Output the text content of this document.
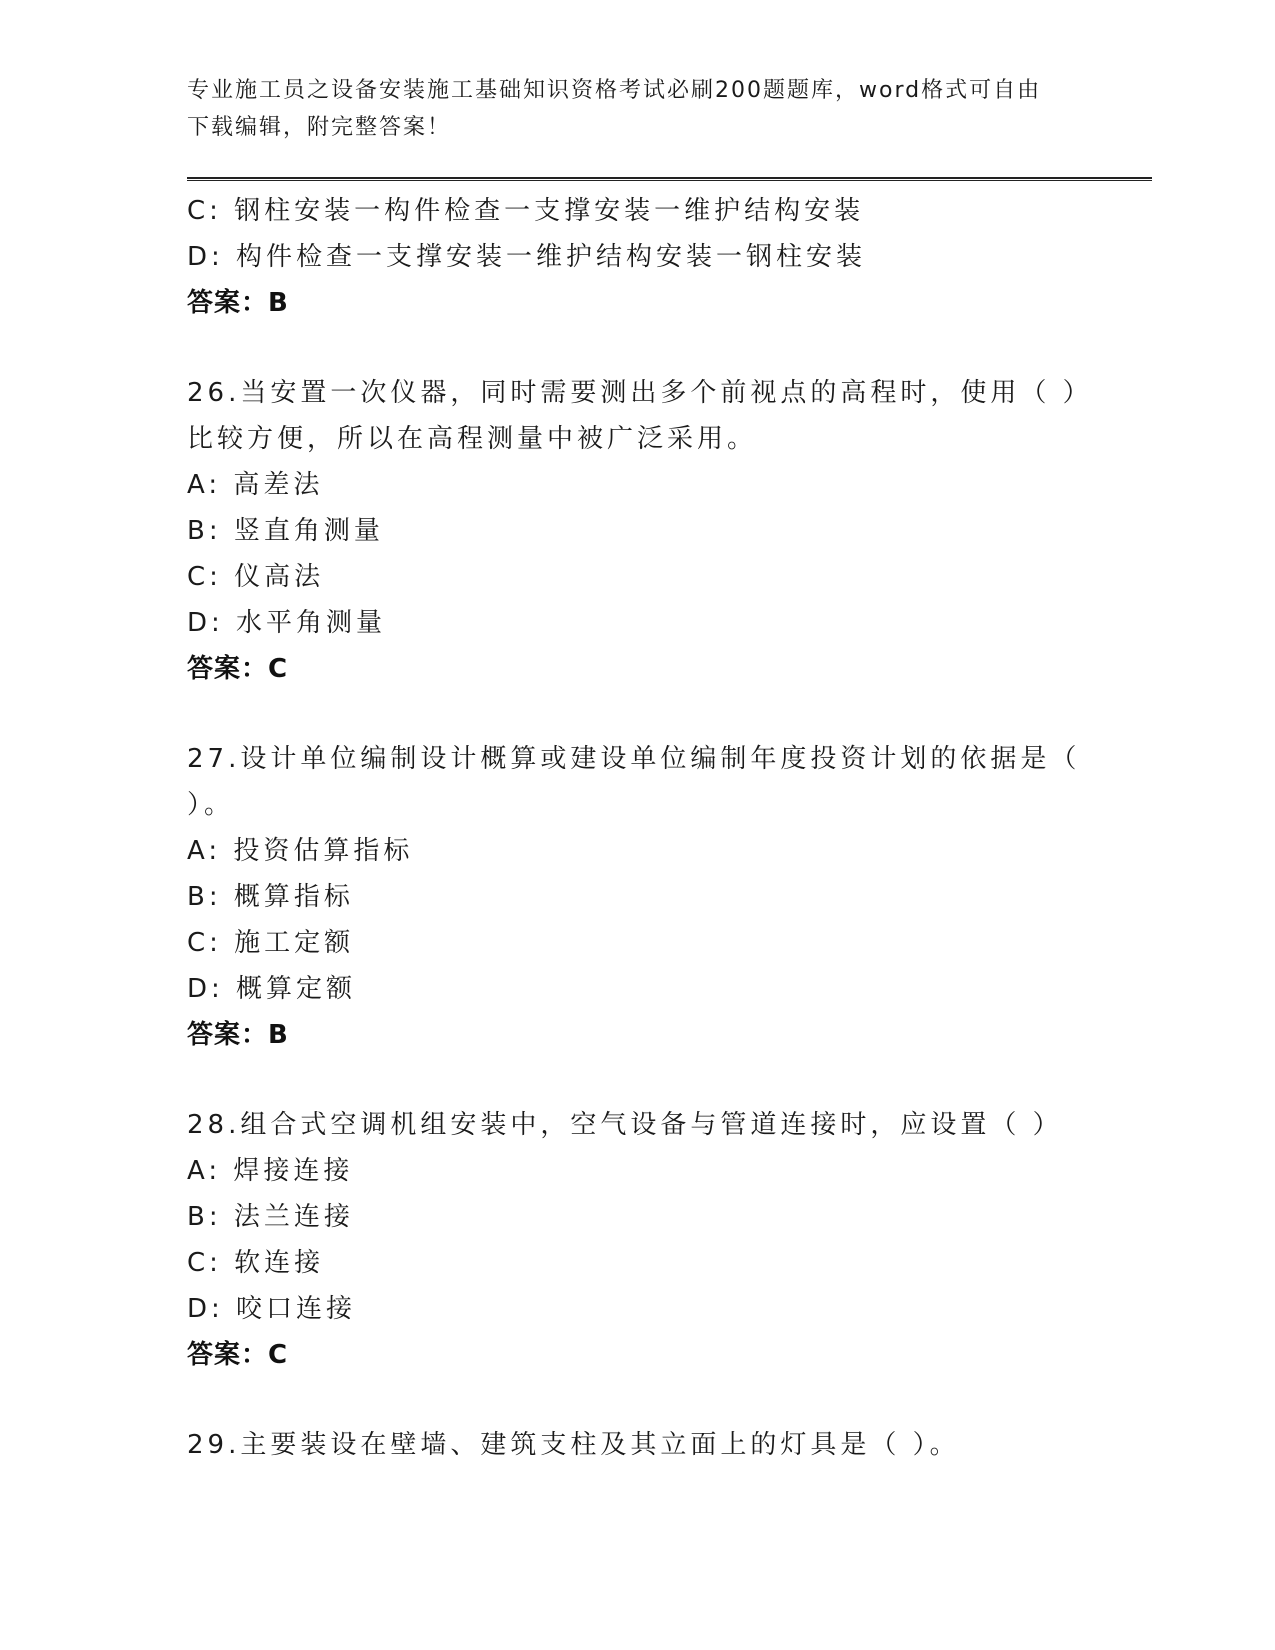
专业施工员之设备安装施工基础知识资格考试必刷200题题库，word格式可自由
下载编辑，附完整答案！
C: 钢柱安装一构件检查一支撑安装一维护结构安装
D: 构件检查一支撑安装一维护结构安装一钢柱安装
答案：B
26.当安置一次仪器，同时需要测出多个前视点的高程时，使用（ ）
比较方便，所以在高程测量中被广泛采用。
A: 高差法
B: 竖直角测量
C: 仪高法
D: 水平角测量
答案：C
27.设计单位编制设计概算或建设单位编制年度投资计划的依据是（
）。
A: 投资估算指标
B: 概算指标
C: 施工定额
D: 概算定额
答案：B
28.组合式空调机组安装中，空气设备与管道连接时，应设置（ ）
A: 焊接连接
B: 法兰连接
C: 软连接
D: 咬口连接
答案：C
29.主要装设在壁墙、建筑支柱及其立面上的灯具是（ ）。
